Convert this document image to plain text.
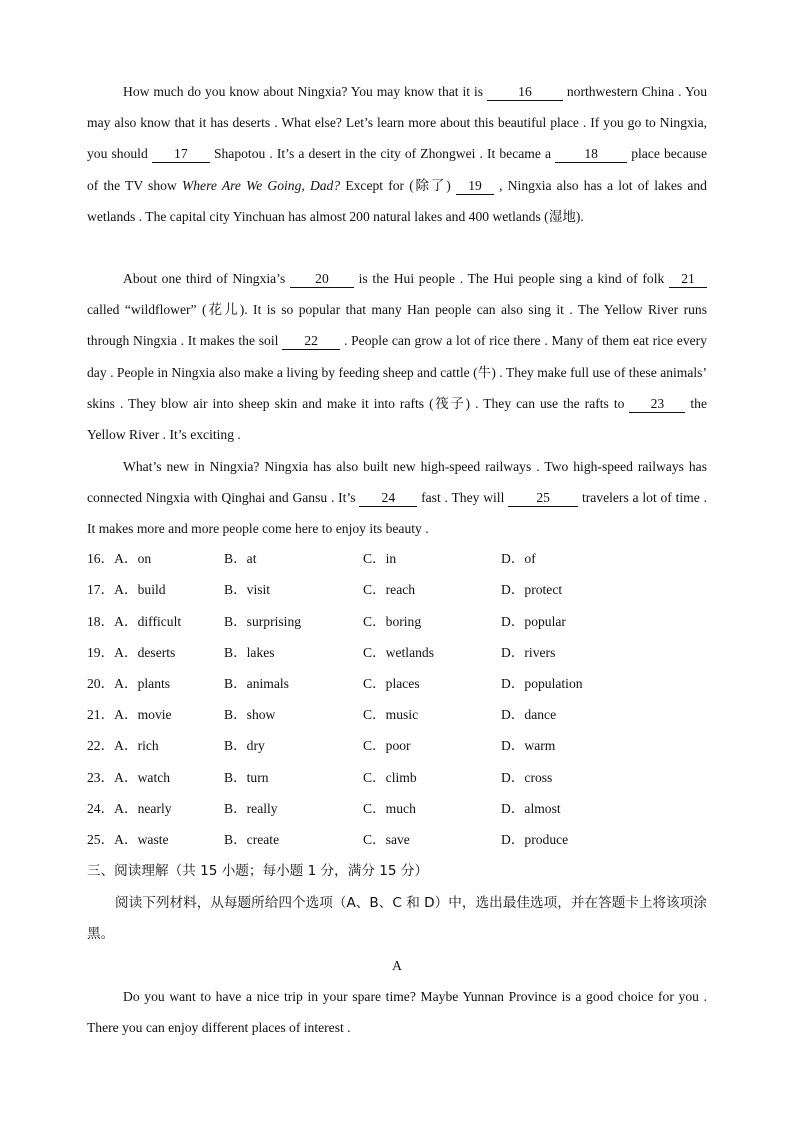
How much do you know about Ningxia? You may know that it is	16	northwestern China . You may also know that it has deserts . What else? Let’s learn more about this beautiful place . If you go to Ningxia, you should 17 Shapotou . It’s a desert in the city of Zhongwei . It became a 18 place because of the TV show Where Are We Going, Dad? Except for (除了) 19 , Ningxia also has a lot of lakes and wetlands . The capital city Yinchuan has almost 200 natural lakes and 400 wetlands (湿地).

About one third of Ningxia’s 20 is the Hui people . The Hui people sing a kind of folk 21 called “wildflower” (花儿). It is so popular that many Han people can also sing it . The Yellow River runs through Ningxia . It makes the soil 22 . People can grow a lot of rice there . Many of them eat rice every day . People in Ningxia also make a living by feeding sheep and cattle (牛) . They make full use of these animals’ skins . They blow air into sheep skin and make it into rafts (筏子) . They can use the rafts to 23 the Yellow River . It’s exciting .

What’s new in Ningxia? Ningxia has also built new high-speed railways . Two high-speed railways has connected Ningxia with Qinghai and Gansu . It’s 24 fast . They will 25 travelers a lot of time . It makes more and more people come here to enjoy its beauty .

16．A．on	B．at	C．in	D．of
17．A．build	B．visit	C．reach	D．protect
18．A．difficult	B．surprising	C．boring	D．popular
19．A．deserts	B．lakes	C．wetlands	D．rivers
20．A．plants	B．animals	C．places	D．population
21．A．movie	B．show	C．music	D．dance
22．A．rich	B．dry	C．poor	D．warm
23．A．watch	B．turn	C．climb	D．cross
24．A．nearly	B．really	C．much	D．almost
25．A．waste	B．create	C．save	D．produce

三、阅读理解（共 15 小题；每小题 1 分，满分 15 分）

阅读下列材料，从每题所给四个选项（A、B、C 和 D）中，选出最佳选项，并在答题卡上将该项涂黑。

A

Do you want to have a nice trip in your spare time? Maybe Yunnan Province is a good choice for you . There you can enjoy different places of interest .
